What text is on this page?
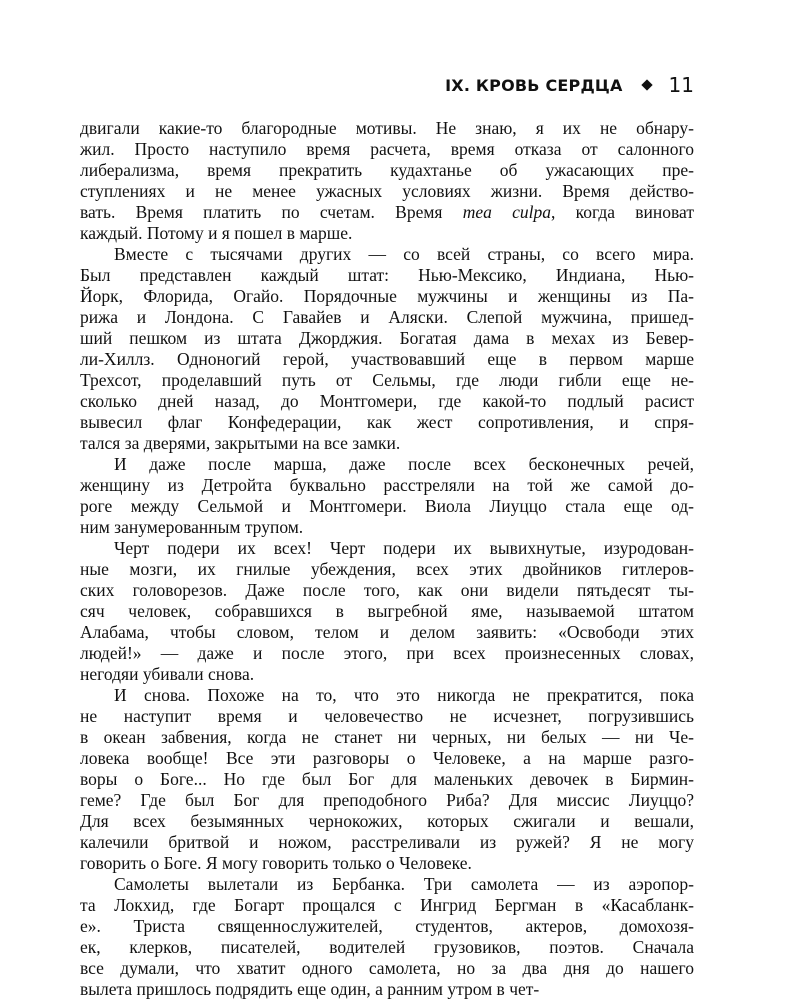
IX. КРОВЬ СЕРДЦА 11
двигали какие-то благородные мотивы. Не знаю, я их не обнару-
жил. Просто наступило время расчета, время отказа от салонного
либерализма, время прекратить кудахтанье об ужасающих пре-
ступлениях и не менее ужасных условиях жизни. Время действо-
вать. Время платить по счетам. Время mea culpa, когда виноват
каждый. Потому и я пошел в марше.
Вместе с тысячами других — со всей страны, со всего мира.
Был представлен каждый штат: Нью-Мексико, Индиана, Нью-
Йорк, Флорида, Огайо. Порядочные мужчины и женщины из Па-
рижа и Лондона. С Гавайев и Аляски. Слепой мужчина, пришед-
ший пешком из штата Джорджия. Богатая дама в мехах из Бевер-
ли-Хиллз. Одноногий герой, участвовавший еще в первом марше
Трехсот, проделавший путь от Сельмы, где люди гибли еще не-
сколько дней назад, до Монтгомери, где какой-то подлый расист
вывесил флаг Конфедерации, как жест сопротивления, и спря-
тался за дверями, закрытыми на все замки.
И даже после марша, даже после всех бесконечных речей,
женщину из Детройта буквально расстреляли на той же самой до-
роге между Сельмой и Монтгомери. Виола Лиуццо стала еще од-
ним занумерованным трупом.
Черт подери их всех! Черт подери их вывихнутые, изуродован-
ные мозги, их гнилые убеждения, всех этих двойников гитлеров-
ских головорезов. Даже после того, как они видели пятьдесят ты-
сяч человек, собравшихся в выгребной яме, называемой штатом
Алабама, чтобы словом, телом и делом заявить: «Освободи этих
людей!» — даже и после этого, при всех произнесенных словах,
негодяи убивали снова.
И снова. Похоже на то, что это никогда не прекратится, пока
не наступит время и человечество не исчезнет, погрузившись
в океан забвения, когда не станет ни черных, ни белых — ни Че-
ловека вообще! Все эти разговоры о Человеке, а на марше разго-
воры о Боге... Но где был Бог для маленьких девочек в Бирмин-
геме? Где был Бог для преподобного Риба? Для миссис Лиуццо?
Для всех безымянных чернокожих, которых сжигали и вешали,
калечили бритвой и ножом, расстреливали из ружей? Я не могу
говорить о Боге. Я могу говорить только о Человеке.
Самолеты вылетали из Бербанка. Три самолета — из аэропор-
та Локхид, где Богарт прощался с Ингрид Бергман в «Касабланк-
е». Триста священнослужителей, студентов, актеров, домохозя-
ек, клерков, писателей, водителей грузовиков, поэтов. Сначала
все думали, что хватит одного самолета, но за два дня до нашего
вылета пришлось подрядить еще один, а ранним утром в чет-
